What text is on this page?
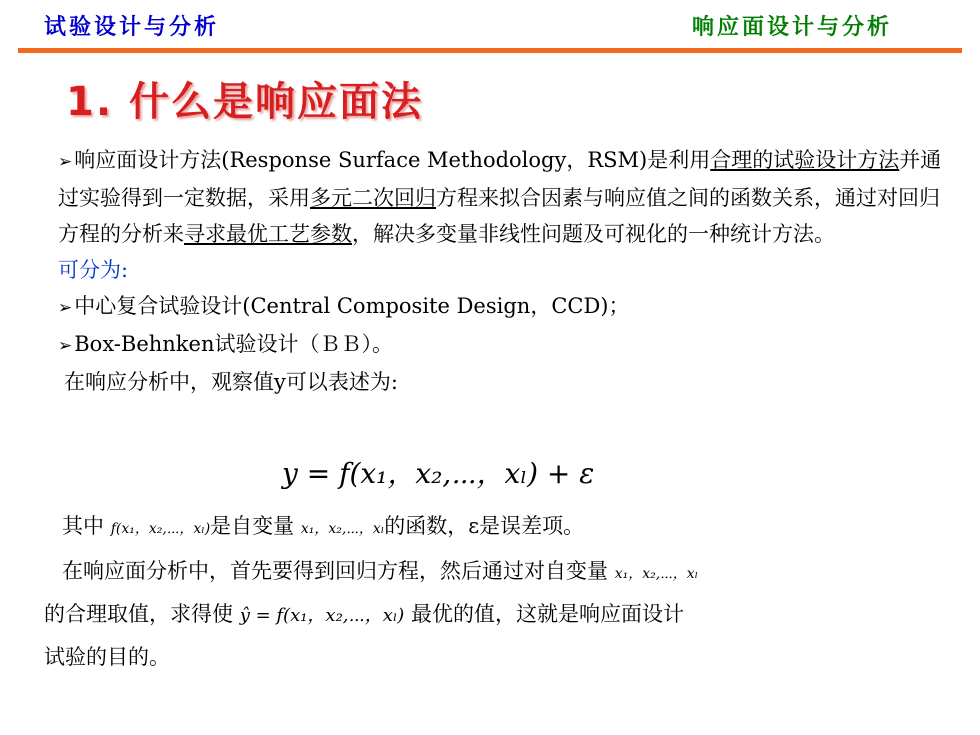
试验设计与分析	响应面设计与分析
1. 什么是响应面法

➢响应面设计方法(Response Surface Methodology，RSM)是利用合理的试验设计方法并通过实验得到一定数据，采用多元二次回归方程来拟合因素与响应值之间的函数关系，通过对回归方程的分析来寻求最优工艺参数，解决多变量非线性问题及可视化的一种统计方法。

可分为:

➢中心复合试验设计(Central Composite Design，CCD)；

➢Box-Behnken试验设计（ＢＢ）。

在响应分析中，观察值y可以表述为:

y = f(x₁，x₂,⋯，xₗ) + ε
其中 f(x₁，x₂,⋯，xₗ)是自变量 x₁，x₂,⋯，xₗ的函数，ε是误差项。
在响应面分析中，首先要得到回归方程，然后通过对自变量 x₁，x₂,⋯，xₗ
的合理取值，求得使 ŷ = f(x₁，x₂,⋯，xₗ) 最优的值，这就是响应面设计
试验的目的。
